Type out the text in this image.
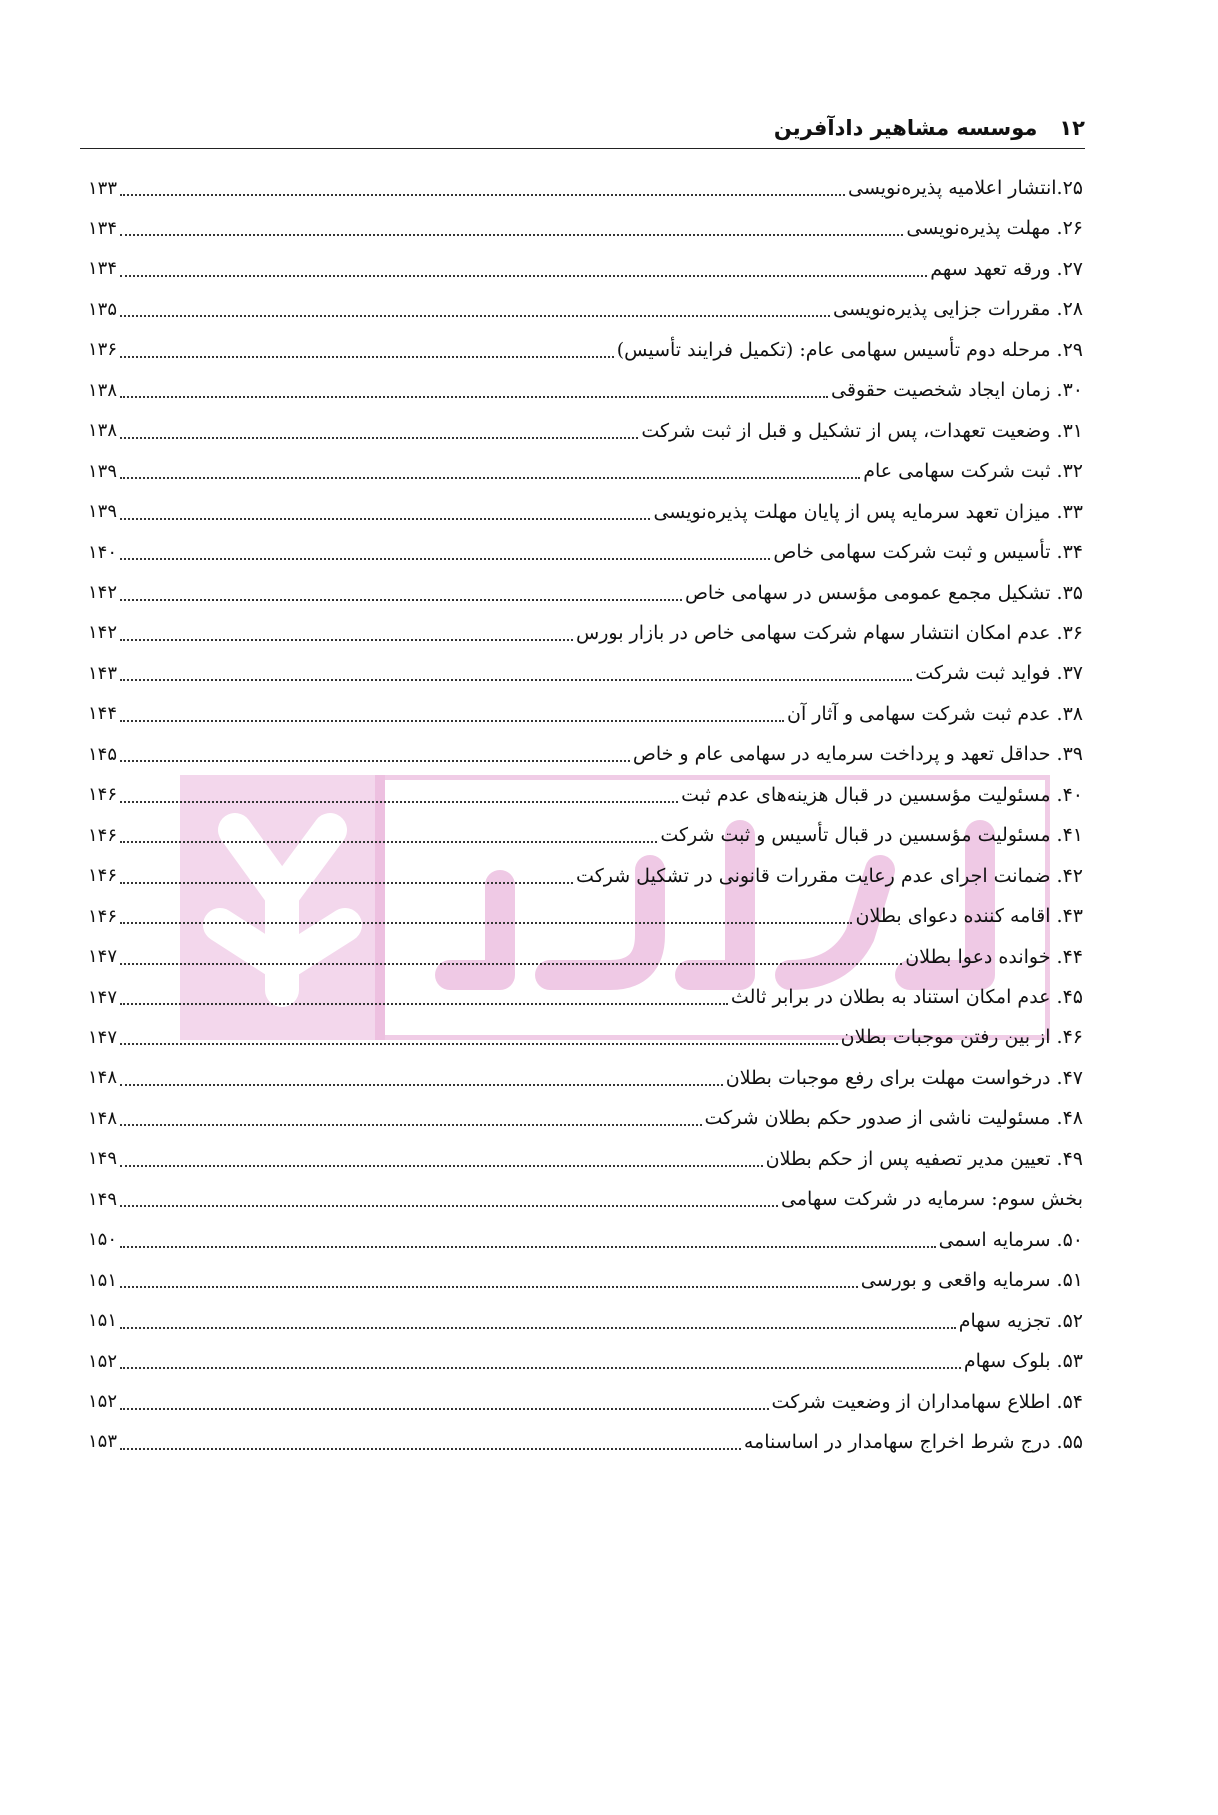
۱۲
موسسه مشاهیر دادآفرین
۲۵.انتشار اعلامیه پذیره‌نویسی
۱۳۳
۲۶. مهلت پذیره‌نویسی
۱۳۴
۲۷. ورقه تعهد سهم
۱۳۴
۲۸. مقررات جزایی پذیره‌نویسی
۱۳۵
۲۹. مرحله دوم تأسیس سهامی عام: (تکمیل فرایند تأسیس)
۱۳۶
۳۰. زمان ایجاد شخصیت حقوقی
۱۳۸
۳۱. وضعیت تعهدات، پس از تشکیل و قبل از ثبت شرکت
۱۳۸
۳۲. ثبت شرکت سهامی عام
۱۳۹
۳۳. میزان تعهد سرمایه پس از پایان مهلت پذیره‌نویسی
۱۳۹
۳۴. تأسیس و ثبت شرکت سهامی خاص
۱۴۰
۳۵. تشکیل مجمع عمومی مؤسس در سهامی خاص
۱۴۲
۳۶. عدم امکان انتشار سهام شرکت سهامی خاص در بازار بورس
۱۴۲
۳۷. فواید ثبت شرکت
۱۴۳
۳۸. عدم ثبت شرکت سهامی و آثار آن
۱۴۴
۳۹. حداقل تعهد و پرداخت سرمایه در سهامی عام و خاص
۱۴۵
۴۰. مسئولیت مؤسسین در قبال هزینه‌های عدم ثبت
۱۴۶
۴۱. مسئولیت مؤسسین در قبال تأسیس و ثبت شرکت
۱۴۶
۴۲. ضمانت اجرای عدم رعایت مقررات قانونی در تشکیل شرکت
۱۴۶
۴۳. اقامه کننده دعوای بطلان
۱۴۶
۴۴. خوانده دعوا بطلان
۱۴۷
۴۵. عدم امکان استناد به بطلان در برابر ثالث
۱۴۷
۴۶. از بین رفتن موجبات بطلان
۱۴۷
۴۷. درخواست مهلت برای رفع موجبات بطلان
۱۴۸
۴۸. مسئولیت ناشی از صدور حکم بطلان شرکت
۱۴۸
۴۹. تعیین مدیر تصفیه پس از حکم بطلان
۱۴۹
بخش سوم: سرمایه در شرکت سهامی
۱۴۹
۵۰. سرمایه اسمی
۱۵۰
۵۱. سرمایه واقعی و بورسی
۱۵۱
۵۲. تجزیه سهام
۱۵۱
۵۳. بلوک سهام
۱۵۲
۵۴. اطلاع سهامداران از وضعیت شرکت
۱۵۲
۵۵. درج شرط اخراج سهامدار در اساسنامه
۱۵۳
